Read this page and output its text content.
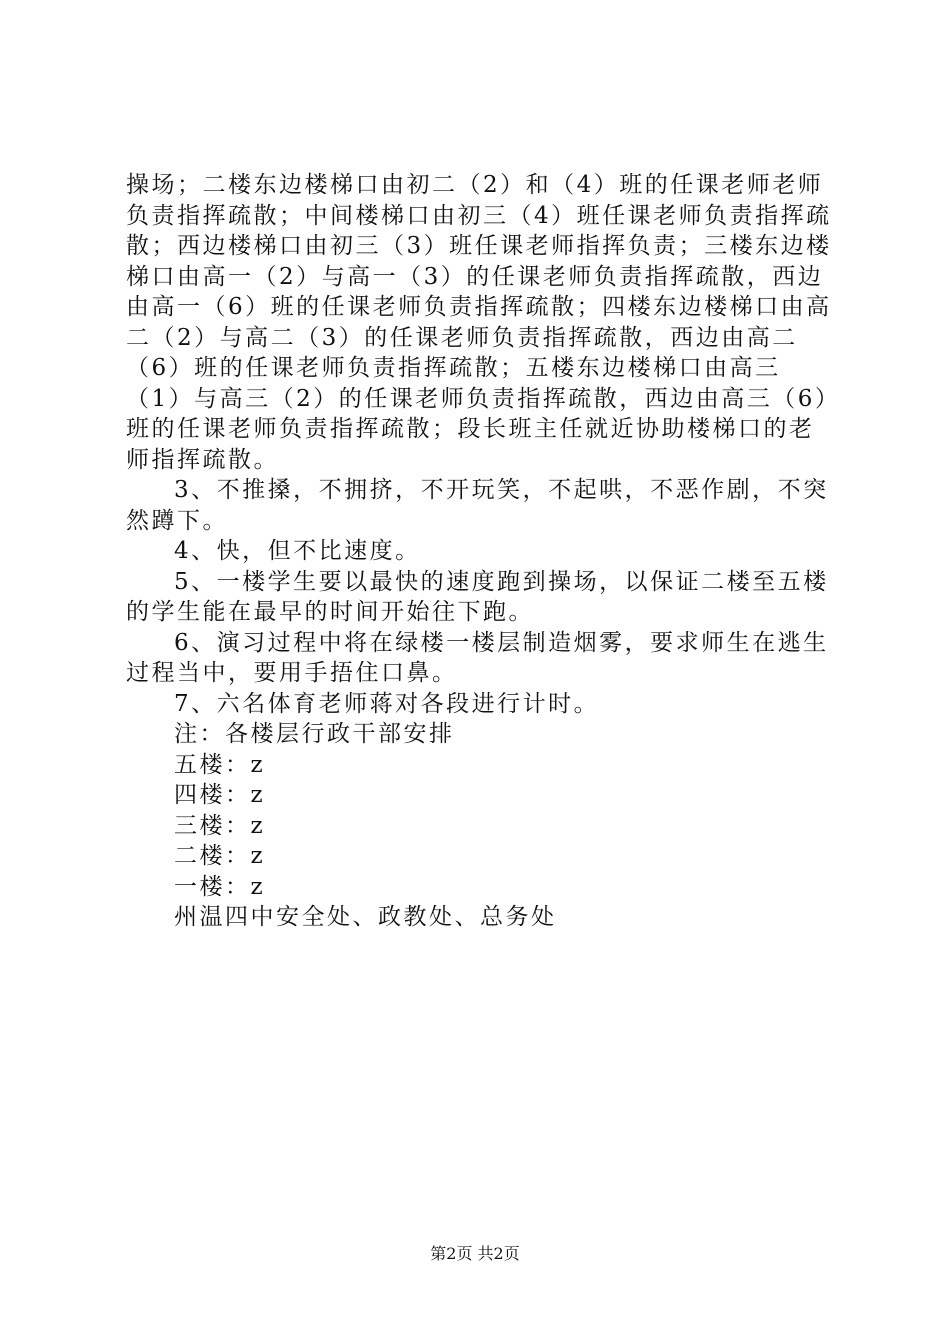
操场；二楼东边楼梯口由初二（2）和（4）班的任课老师老师
负责指挥疏散；中间楼梯口由初三（4）班任课老师负责指挥疏
散；西边楼梯口由初三（3）班任课老师指挥负责；三楼东边楼
梯口由高一（2）与高一（3）的任课老师负责指挥疏散，西边
由高一（6）班的任课老师负责指挥疏散；四楼东边楼梯口由高
二（2）与高二（3）的任课老师负责指挥疏散，西边由高二
（6）班的任课老师负责指挥疏散；五楼东边楼梯口由高三
（1）与高三（2）的任课老师负责指挥疏散，西边由高三（6）
班的任课老师负责指挥疏散；段长班主任就近协助楼梯口的老
师指挥疏散。
3、不推搡，不拥挤，不开玩笑，不起哄，不恶作剧，不突
然蹲下。
4、快，但不比速度。
5、一楼学生要以最快的速度跑到操场，以保证二楼至五楼
的学生能在最早的时间开始往下跑。
6、演习过程中将在绿楼一楼层制造烟雾，要求师生在逃生
过程当中，要用手捂住口鼻。
7、六名体育老师蒋对各段进行计时。
注：各楼层行政干部安排
五楼：z
四楼：z
三楼：z
二楼：z
一楼：z
州温四中安全处、政教处、总务处
第2页 共2页
